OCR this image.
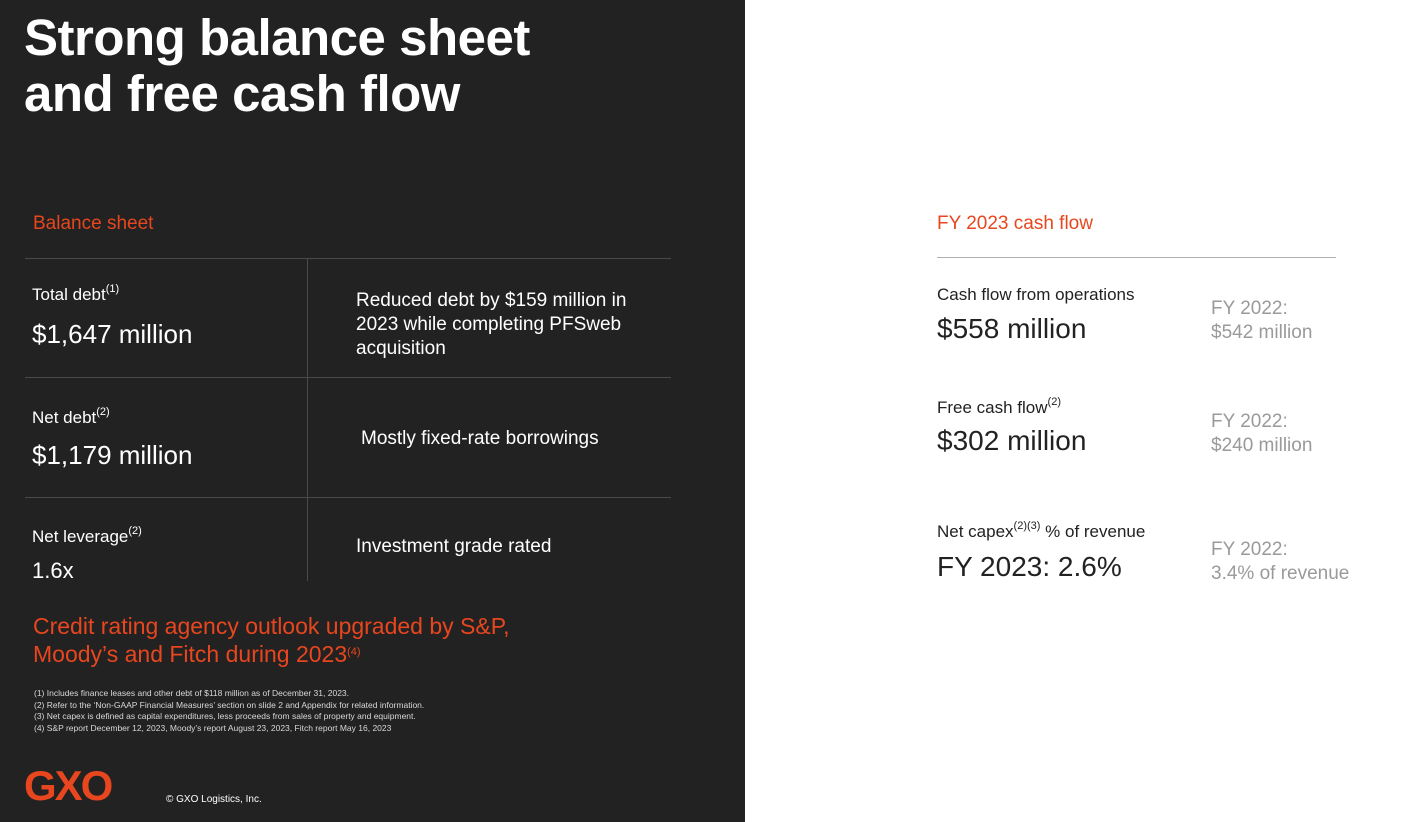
Strong balance sheet
and free cash flow
Balance sheet
Total debt$^{(1)}$
$1,647 million
Reduced debt by $159 million in 2023 while completing PFSweb acquisition
Net debt$^{(2)}$
$1,179 million
Mostly fixed-rate borrowings
Net leverage$^{(2)}$
1.6x
Investment grade rated
Credit rating agency outlook upgraded by S&P, Moody’s and Fitch during 2023$^{(4)}$
(1) Includes finance leases and other debt of $118 million as of December 31, 2023.
(2) Refer to the ‘Non-GAAP Financial Measures’ section on slide 2 and Appendix for related information.
(3) Net capex is defined as capital expenditures, less proceeds from sales of property and equipment.
(4) S&P report December 12, 2023, Moody’s report August 23, 2023, Fitch report May 16, 2023
GXO	© GXO Logistics, Inc.
FY 2023 cash flow
Cash flow from operations
$558 million
FY 2022:
$542 million
Free cash flow$^{(2)}$
$302 million
FY 2022:
$240 million
Net capex$^{(2)(3)}$ % of revenue
FY 2023: 2.6%
FY 2022:
3.4% of revenue
